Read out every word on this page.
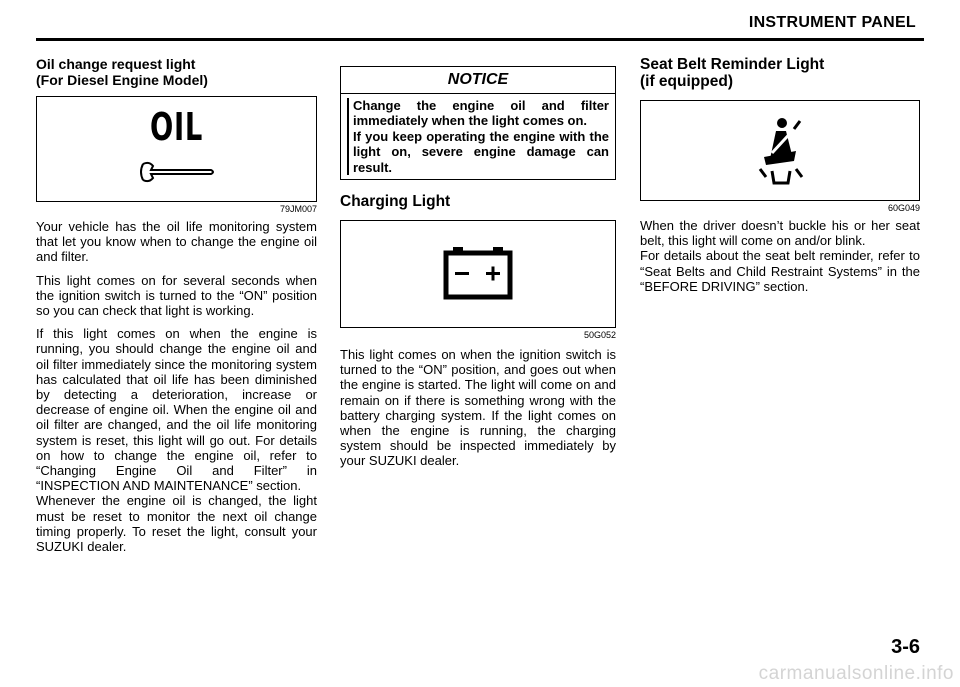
INSTRUMENT PANEL
Oil change request light
(For Diesel Engine Model)
OIL
79JM007

Your vehicle has the oil life monitoring system that let you know when to change the engine oil and filter.

This light comes on for several seconds when the ignition switch is turned to the “ON” position so you can check that light is working.

If this light comes on when the engine is running, you should change the engine oil and oil filter immediately since the monitoring system has calculated that oil life has been diminished by detecting a deterioration, increase or decrease of engine oil. When the engine oil and oil filter are changed, and the oil life monitoring system is reset, this light will go out. For details on how to change the engine oil, refer to “Changing Engine Oil and Filter” in “INSPECTION AND MAINTENANCE” section.

Whenever the engine oil is changed, the light must be reset to monitor the next oil change timing properly. To reset the light, consult your SUZUKI dealer.

NOTICE

Change the engine oil and filter immediately when the light comes on.

If you keep operating the engine with the light on, severe engine damage can result.

Charging Light
50G052

This light comes on when the ignition switch is turned to the “ON” position, and goes out when the engine is started. The light will come on and remain on if there is something wrong with the battery charging system. If the light comes on when the engine is running, the charging system should be inspected immediately by your SUZUKI dealer.

Seat Belt Reminder Light
(if equipped)
60G049

When the driver doesn’t buckle his or her seat belt, this light will come on and/or blink.

For details about the seat belt reminder, refer to “Seat Belts and Child Restraint Systems” in the “BEFORE DRIVING” section.

3-6
carmanualsonline.info
